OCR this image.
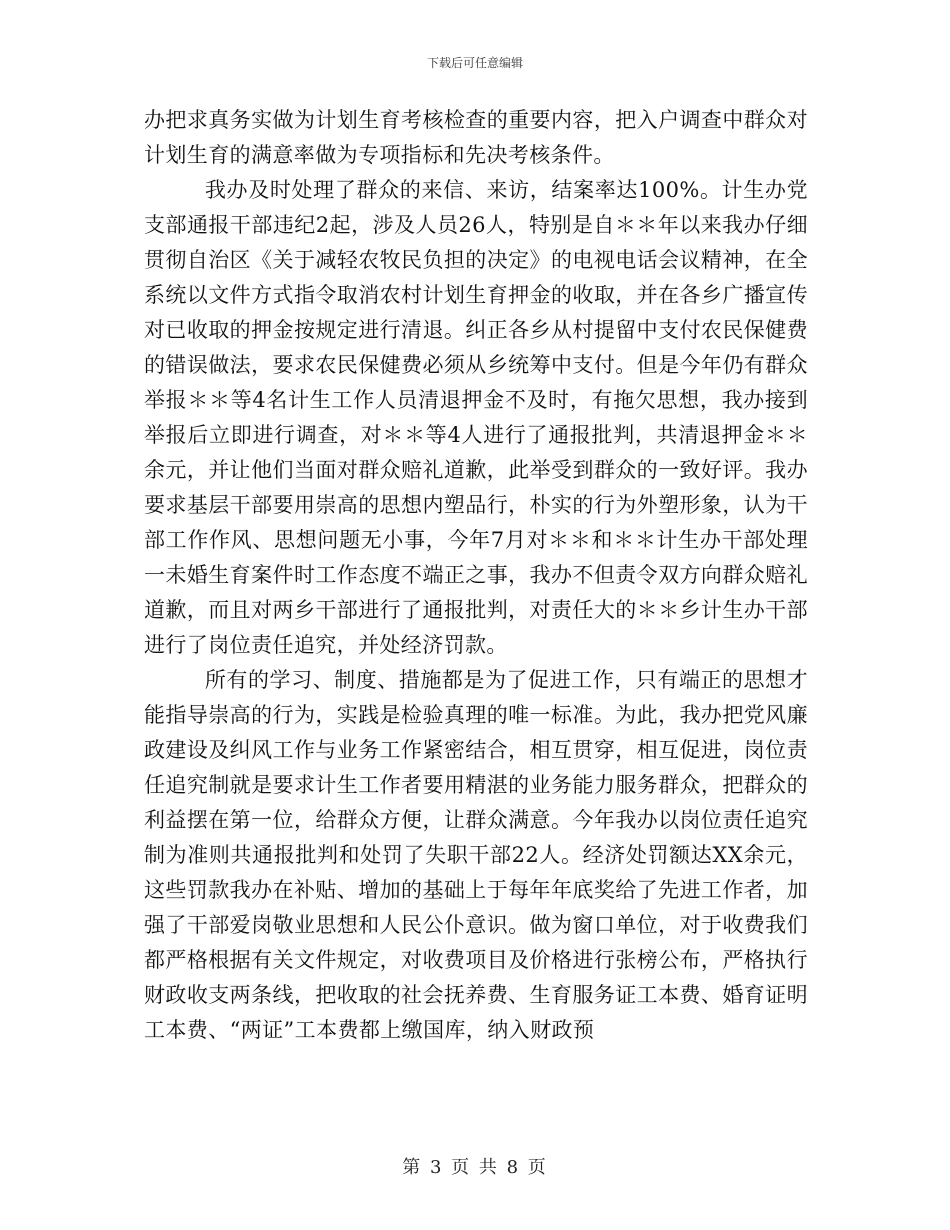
下载后可任意编辑

办把求真务实做为计划生育考核检查的重要内容，把入户调查中群众对计划生育的满意率做为专项指标和先决考核条件。

我办及时处理了群众的来信、来访，结案率达100%。计生办党支部通报干部违纪2起，涉及人员26人，特别是自＊＊年以来我办仔细贯彻自治区《关于减轻农牧民负担的决定》的电视电话会议精神，在全系统以文件方式指令取消农村计划生育押金的收取，并在各乡广播宣传对已收取的押金按规定进行清退。纠正各乡从村提留中支付农民保健费的错误做法，要求农民保健费必须从乡统筹中支付。但是今年仍有群众举报＊＊等4名计生工作人员清退押金不及时，有拖欠思想，我办接到举报后立即进行调查，对＊＊等4人进行了通报批判，共清退押金＊＊余元，并让他们当面对群众赔礼道歉，此举受到群众的一致好评。我办要求基层干部要用崇高的思想内塑品行，朴实的行为外塑形象，认为干部工作作风、思想问题无小事，今年7月对＊＊和＊＊计生办干部处理一未婚生育案件时工作态度不端正之事，我办不但责令双方向群众赔礼道歉，而且对两乡干部进行了通报批判，对责任大的＊＊乡计生办干部进行了岗位责任追究，并处经济罚款。

所有的学习、制度、措施都是为了促进工作，只有端正的思想才能指导崇高的行为，实践是检验真理的唯一标准。为此，我办把党风廉政建设及纠风工作与业务工作紧密结合，相互贯穿，相互促进，岗位责任追究制就是要求计生工作者要用精湛的业务能力服务群众，把群众的利益摆在第一位，给群众方便，让群众满意。今年我办以岗位责任追究制为准则共通报批判和处罚了失职干部22人。经济处罚额达XX余元，这些罚款我办在补贴、增加的基础上于每年年底奖给了先进工作者，加强了干部爱岗敬业思想和人民公仆意识。做为窗口单位，对于收费我们都严格根据有关文件规定，对收费项目及价格进行张榜公布，严格执行财政收支两条线，把收取的社会抚养费、生育服务证工本费、婚育证明工本费、“两证”工本费都上缴国库，纳入财政预

第 3 页 共 8 页
